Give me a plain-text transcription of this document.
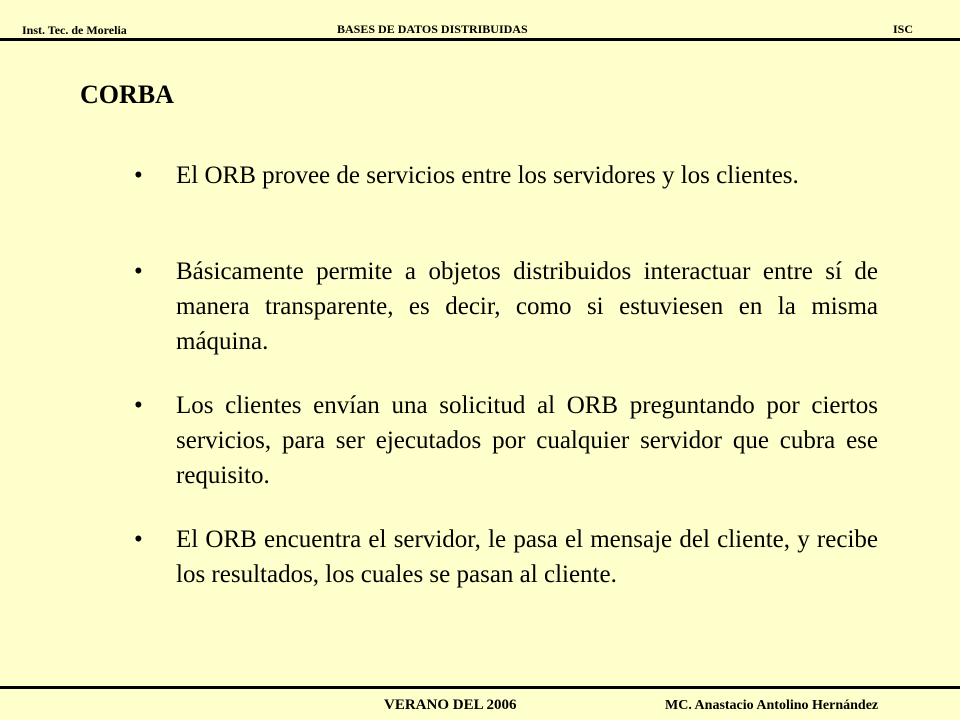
Inst. Tec. de Morelia	BASES DE DATOS DISTRIBUIDAS	ISC
CORBA
• El ORB provee de servicios entre los servidores y los clientes.
• Básicamente permite a objetos distribuidos interactuar entre sí de manera transparente, es decir, como si estuviesen en la misma máquina.
• Los clientes envían una solicitud al ORB preguntando por ciertos servicios, para ser ejecutados por cualquier servidor que cubra ese requisito.
• El ORB encuentra el servidor, le pasa el mensaje del cliente, y recibe los resultados, los cuales se pasan al cliente.
VERANO DEL 2006	MC. Anastacio Antolino Hernández
